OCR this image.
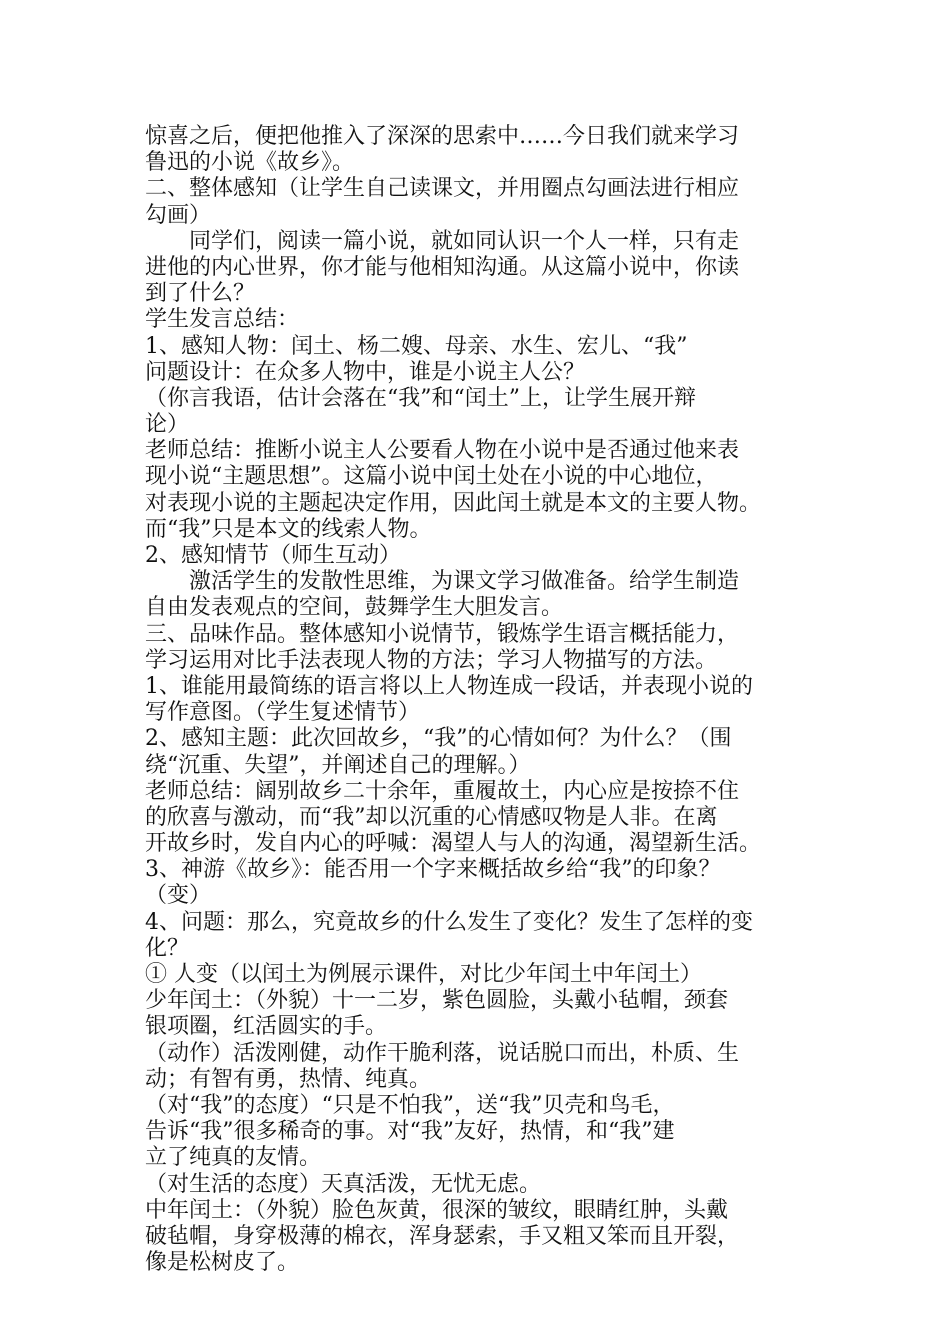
惊喜之后，便把他推入了深深的思索中……今日我们就来学习
鲁迅的小说《故乡》。
二、整体感知（让学生自己读课文，并用圈点勾画法进行相应
勾画）
同学们，阅读一篇小说，就如同认识一个人一样，只有走
进他的内心世界，你才能与他相知沟通。从这篇小说中，你读
到了什么？
学生发言总结：
1、感知人物：闰土、杨二嫂、母亲、水生、宏儿、“我”
问题设计：在众多人物中，谁是小说主人公？
（你言我语，估计会落在“我”和“闰土”上，让学生展开辩
论）
老师总结：推断小说主人公要看人物在小说中是否通过他来表
现小说“主题思想”。这篇小说中闰土处在小说的中心地位，
对表现小说的主题起决定作用，因此闰土就是本文的主要人物。
而“我”只是本文的线索人物。
2、感知情节（师生互动）
激活学生的发散性思维，为课文学习做准备。给学生制造
自由发表观点的空间，鼓舞学生大胆发言。
三、品味作品。整体感知小说情节，锻炼学生语言概括能力，
学习运用对比手法表现人物的方法；学习人物描写的方法。
1、谁能用最简练的语言将以上人物连成一段话，并表现小说的
写作意图。（学生复述情节）
2、感知主题：此次回故乡，“我”的心情如何？为什么？（围
绕“沉重、失望”，并阐述自己的理解。）
老师总结：阔别故乡二十余年，重履故土，内心应是按捺不住
的欣喜与激动，而“我”却以沉重的心情感叹物是人非。在离
开故乡时，发自内心的呼喊：渴望人与人的沟通，渴望新生活。
3、神游《故乡》：能否用一个字来概括故乡给“我”的印象？
（变）
4、问题：那么，究竟故乡的什么发生了变化？发生了怎样的变
化？
① 人变（以闰土为例展示课件，对比少年闰土中年闰土）
少年闰土：（外貌）十一二岁，紫色圆脸，头戴小毡帽，颈套
银项圈，红活圆实的手。
（动作）活泼刚健，动作干脆利落，说话脱口而出，朴质、生
动；有智有勇，热情、纯真。
（对“我”的态度）“只是不怕我”，送“我”贝壳和鸟毛，
告诉“我”很多稀奇的事。对“我”友好，热情，和“我”建
立了纯真的友情。
（对生活的态度）天真活泼，无忧无虑。
中年闰土：（外貌）脸色灰黄，很深的皱纹，眼睛红肿，头戴
破毡帽，身穿极薄的棉衣，浑身瑟索，手又粗又笨而且开裂，
像是松树皮了。
